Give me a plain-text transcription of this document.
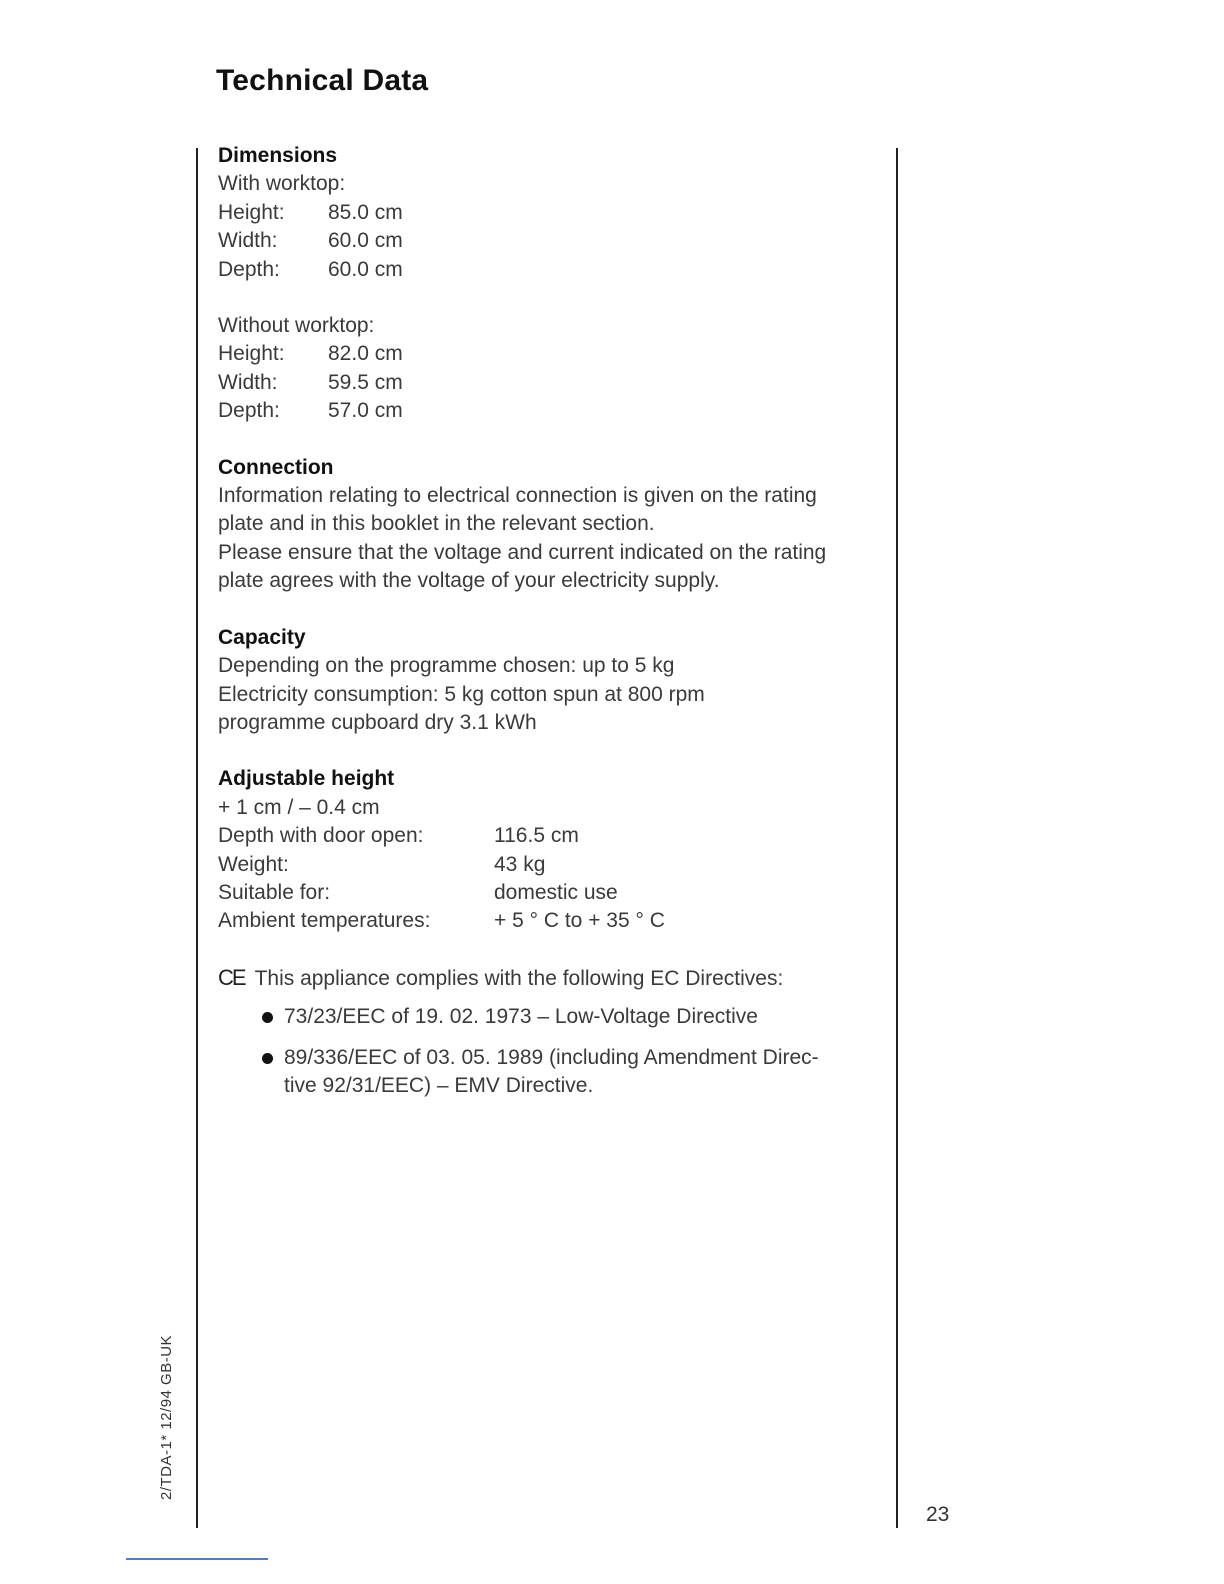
Technical Data

Dimensions

With worktop:

Height:	85.0 cm
Width:	60.0 cm
Depth:	60.0 cm

Without worktop:

Height:	82.0 cm
Width:	59.5 cm
Depth:	57.0 cm

Connection

Information relating to electrical connection is given on the rating

plate and in this booklet in the relevant section.

Please ensure that the voltage and current indicated on the rating

plate agrees with the voltage of your electricity supply.

Capacity

Depending on the programme chosen: up to 5 kg

Electricity consumption: 5 kg cotton spun at 800 rpm

programme cupboard dry 3.1 kWh

Adjustable height

+ 1 cm / – 0.4 cm

Depth with door open:	116.5 cm
Weight:	43 kg
Suitable for:	domestic use
Ambient temperatures:	+ 5 ° C to + 35 ° C
CE This appliance complies with the following EC Directives:
73/23/EEC of 19. 02. 1973 – Low-Voltage Directive
89/336/EEC of 03. 05. 1989 (including Amendment Direc-
tive 92/31/EEC) – EMV Directive.
2/TDA-1* 12/94 GB-UK
23
